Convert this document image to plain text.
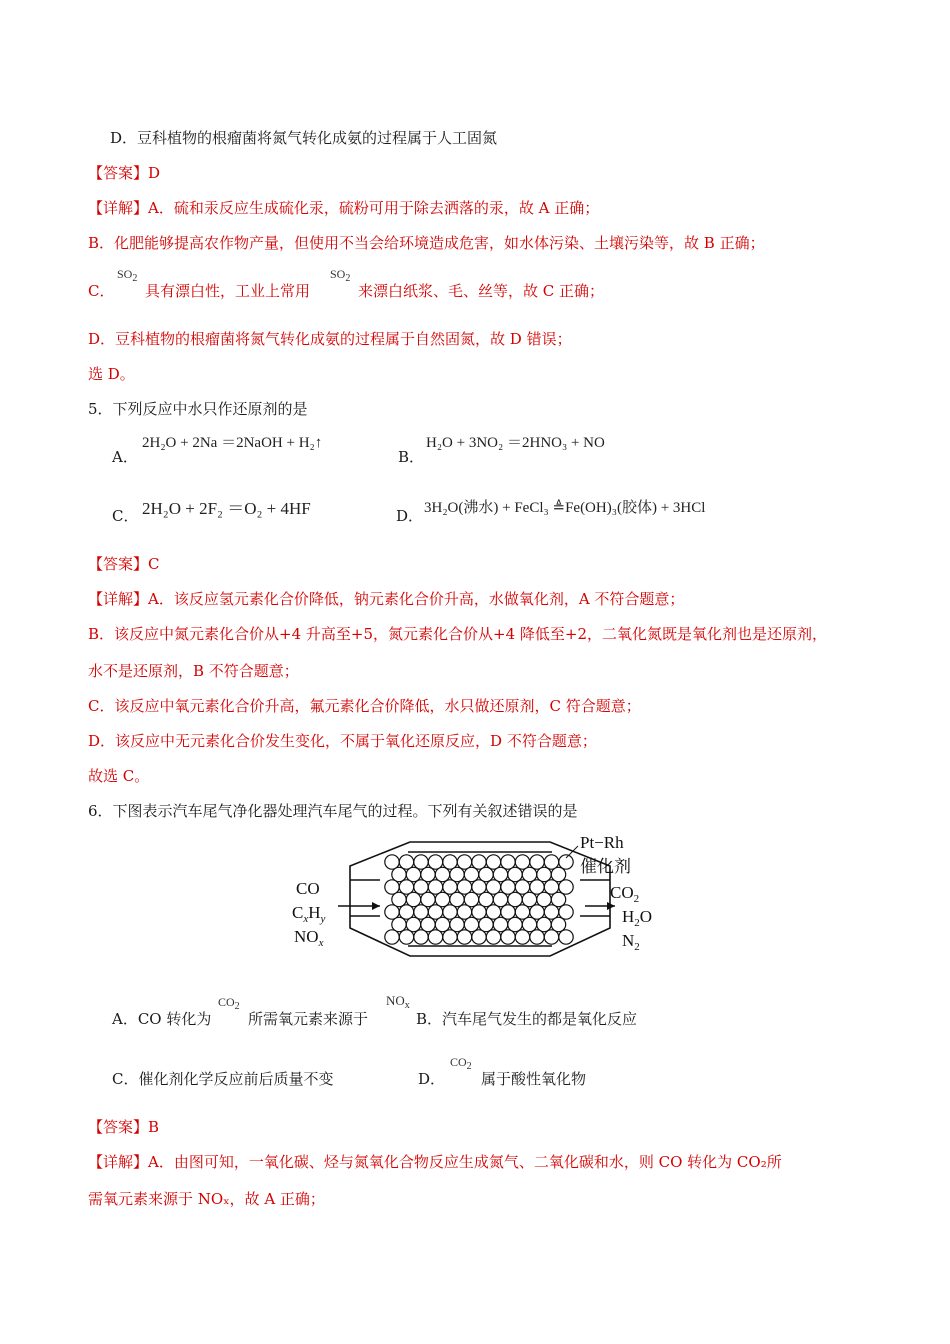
D．豆科植物的根瘤菌将氮气转化成氨的过程属于人工固氮
【答案】D
【详解】A．硫和汞反应生成硫化汞，硫粉可用于除去洒落的汞，故 A 正确；
B．化肥能够提高农作物产量，但使用不当会给环境造成危害，如水体污染、土壤污染等，故 B 正确；
C．
$SO_2$
具有漂白性，工业上常用
$SO_2$
来漂白纸浆、毛、丝等，故 C 正确；
D．豆科植物的根瘤菌将氮气转化成氨的过程属于自然固氮，故 D 错误；
选 D。
5．下列反应中水只作还原剂的是
A．
2H₂O + 2Na ＝2NaOH + H₂↑
B．
H₂O + 3NO₂ ＝2HNO₃ + NO
C． 2H₂O + 2F₂ ＝O₂ + 4HF	D． 3H₂O(沸水) + FeCl₃ ≜Fe(OH)₃(胶体) + 3HCl
【答案】C
【详解】A．该反应氢元素化合价降低，钠元素化合价升高，水做氧化剂，A 不符合题意；
B．该反应中氮元素化合价从+4 升高至+5，氮元素化合价从+4 降低至+2，二氧化氮既是氧化剂也是还原剂，
水不是还原剂，B 不符合题意；
C．该反应中氧元素化合价升高，氟元素化合价降低，水只做还原剂，C 符合题意；
D．该反应中无元素化合价发生变化，不属于氧化还原反应，D 不符合题意；
故选 C。
6．下图表示汽车尾气净化器处理汽车尾气的过程。下列有关叙述错误的是
Pt−Rh
催化剂
CO
$C_xH_y$
$NO_x$
$CO_2$
$H_2O$
$N_2$
A．CO 转化为
$CO_2$
所需氧元素来源于
$NO_x$
B．汽车尾气发生的都是氧化反应
C．催化剂化学反应前后质量不变	D．
$CO_2$
属于酸性氧化物
【答案】B
【详解】A．由图可知，一氧化碳、烃与氮氧化合物反应生成氮气、二氧化碳和水，则 CO 转化为 CO₂所
需氧元素来源于 NOₓ，故 A 正确；
